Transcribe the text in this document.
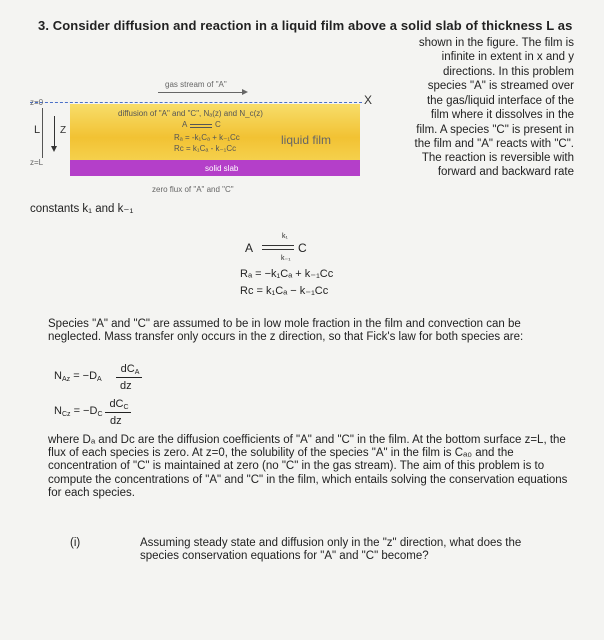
3. Consider diffusion and reaction in a liquid film above a solid slab of thickness L as
shown in the figure. The film is
infinite in extent in x and y
directions. In this problem
species "A" is streamed over
the gas/liquid interface of the
film where it dissolves in the
film. A species "C" is present in
the film and "A" reacts with "C".
The reaction is reversible with
forward and backward rate
gas stream of "A"
X
z=0
z=L
L Z
diffusion of "A" and "C", Nₐ(z) and N_c(z)
A	C
Rₐ = -k₁Cₐ + k₋₁Cᴄ
Rᴄ = k₁Cₐ - k₋₁Cᴄ
liquid film
solid slab
zero flux of "A" and "C"
constants k₁ and k₋₁
A
k₁
k₋₁
C
Rₐ = −k₁Cₐ + k₋₁Cᴄ
Rᴄ = k₁Cₐ − k₋₁Cᴄ
Species "A" and "C" are assumed to be in low mole fraction in the film and convection can be neglected. Mass transfer only occurs in the z direction, so that Fick's law for both species are:
$N_{Az} = -D_A$
$dC_A$
dz
$N_{Cz} = -D_C$
$dC_C$
dz
where Dₐ and Dᴄ are the diffusion coefficients of "A" and "C" in the film. At the bottom surface z=L, the flux of each species is zero. At z=0, the solubility of the species "A" in the film is Cₐ₀ and the concentration of "C" is maintained at zero (no "C" in the gas stream). The aim of this problem is to compute the concentrations of "A" and "C" in the film, which entails solving the conservation equations for each species.
(i)	Assuming steady state and diffusion only in the "z" direction, what does the species conservation equations for "A" and "C" become?
